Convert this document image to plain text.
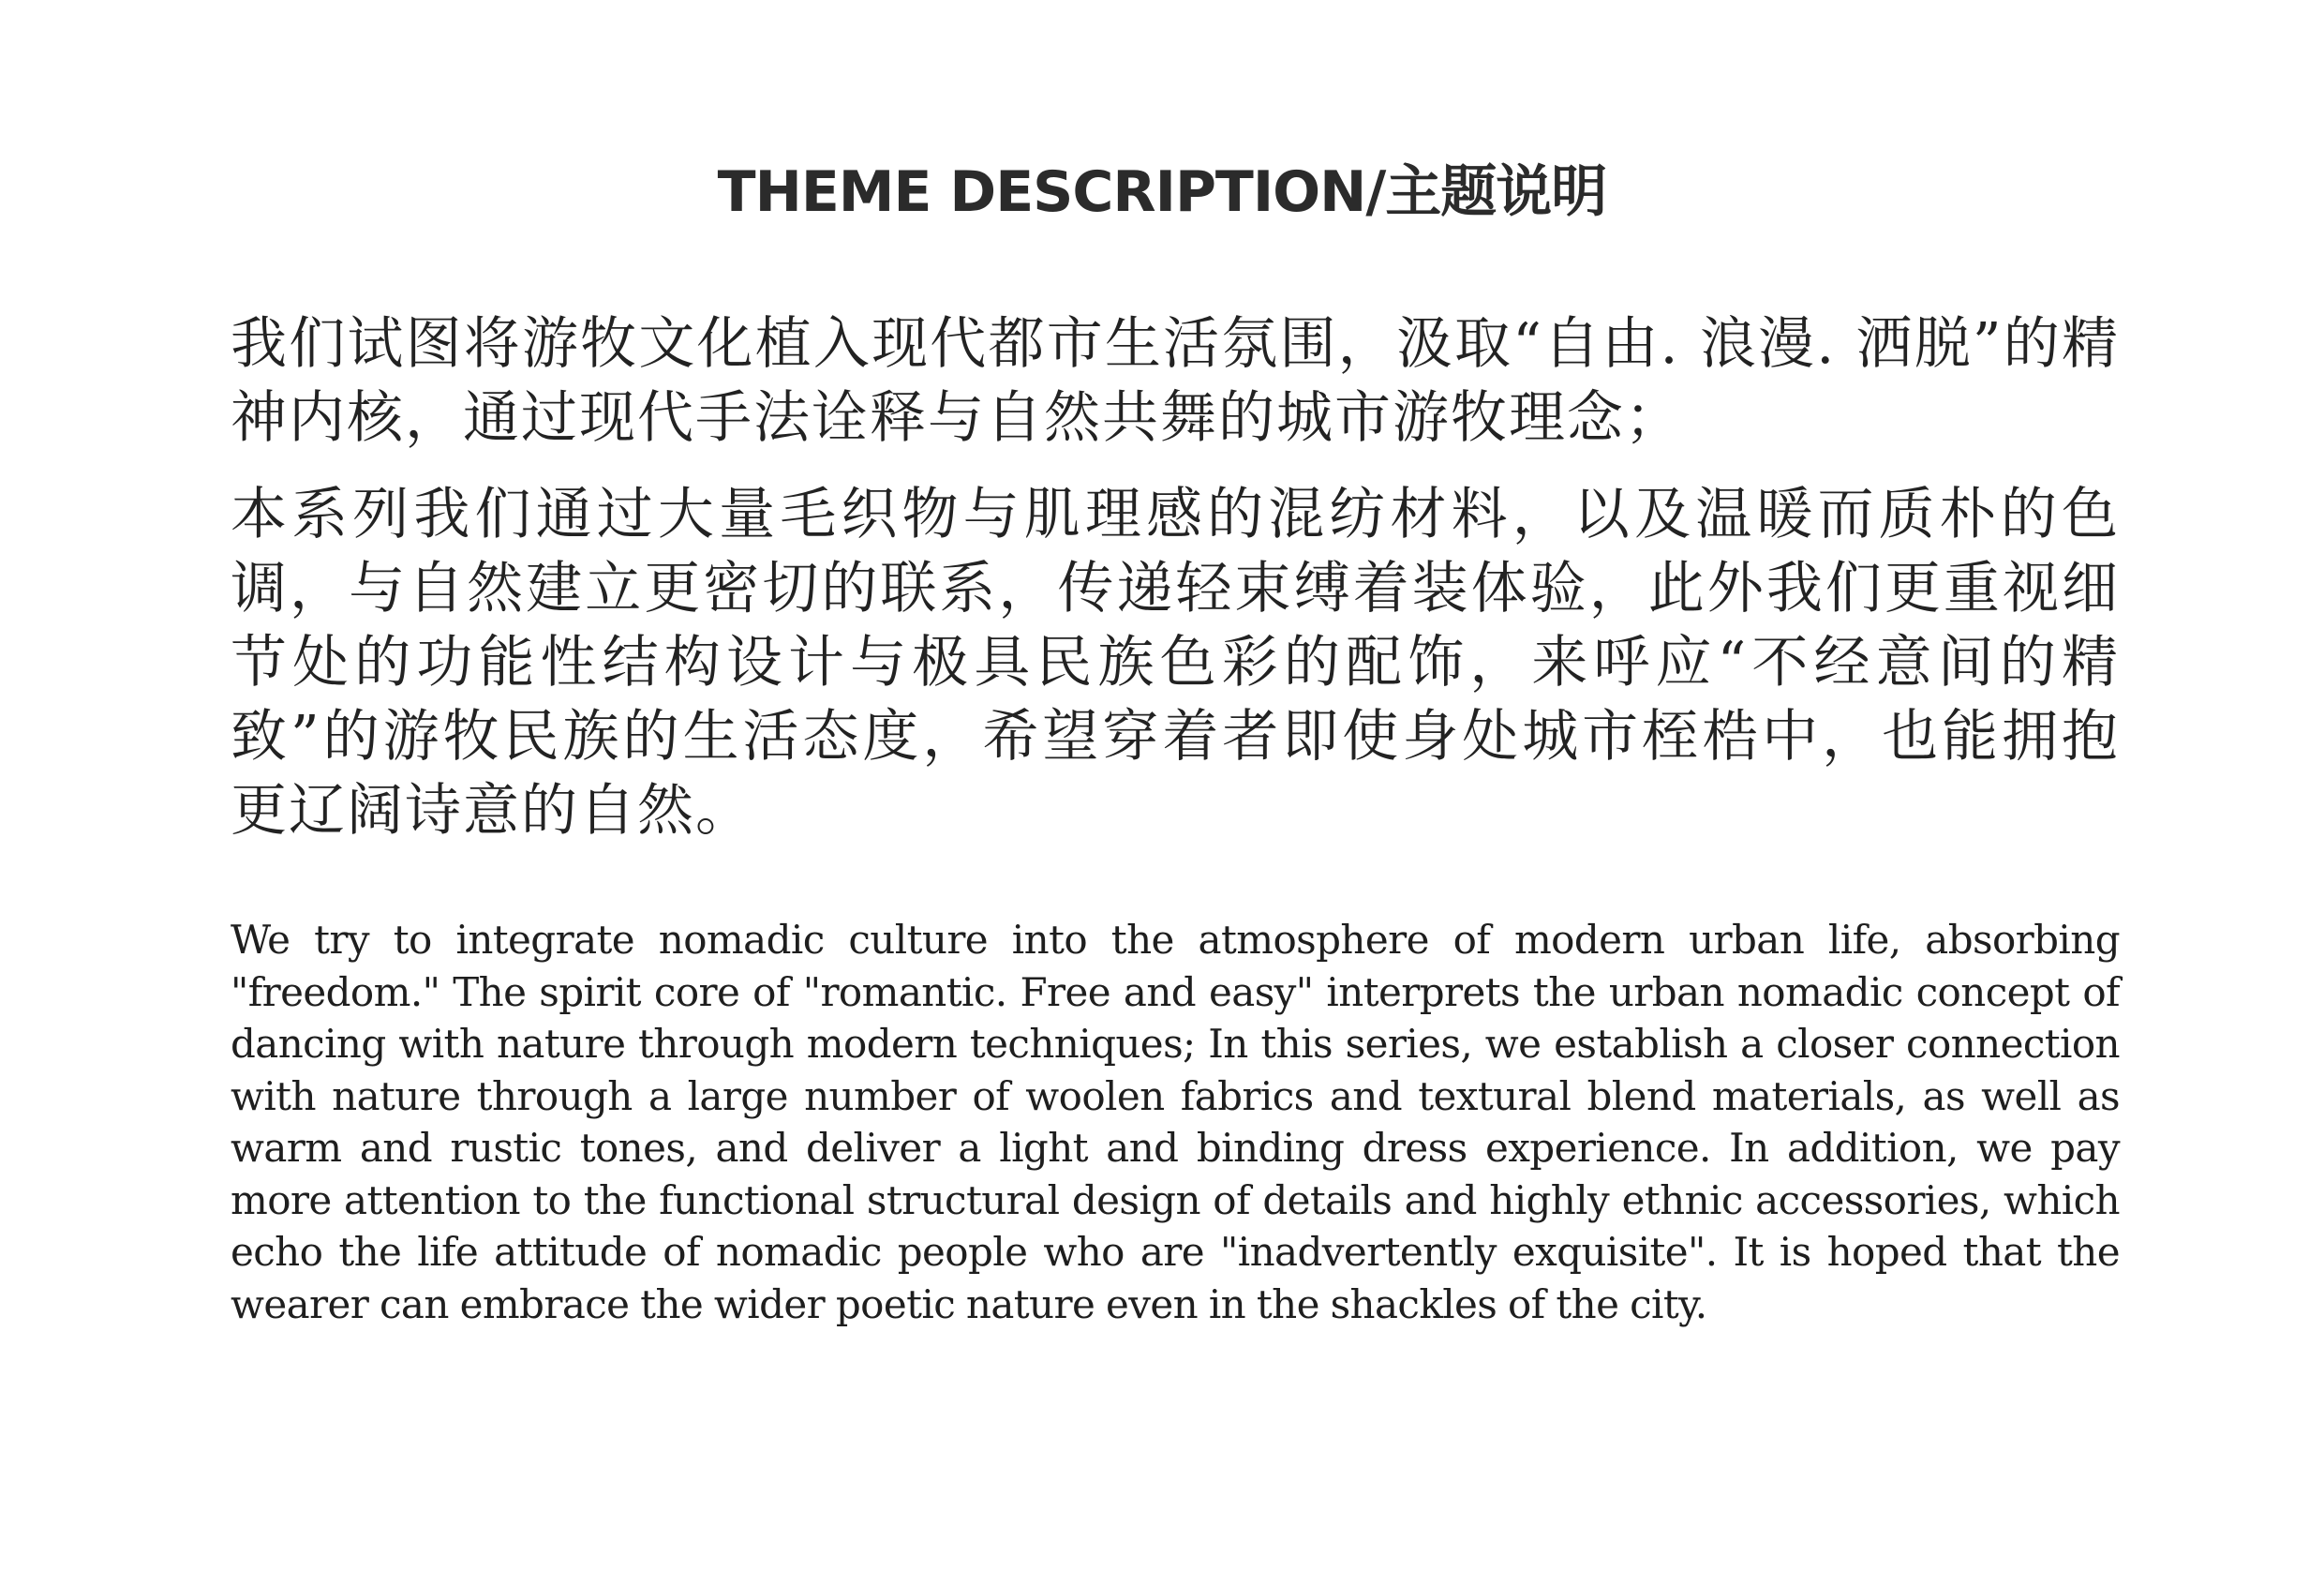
THEME DESCRIPTION/主题说明
我们试图将游牧文化植入现代都市生活氛围，汲取“自由. 浪漫. 洒脱”的精神内核，通过现代手法诠释与自然共舞的城市游牧理念；
本系列我们通过大量毛织物与肌理感的混纺材料，以及温暖而质朴的色调，与自然建立更密切的联系，传递轻束缚着装体验，此外我们更重视细节处的功能性结构设计与极具民族色彩的配饰，来呼应“不经意间的精致”的游牧民族的生活态度，希望穿着者即使身处城市桎梏中，也能拥抱更辽阔诗意的自然。
We try to integrate nomadic culture into the atmosphere of modern urban life, absorbing "freedom." The spirit core of "romantic. Free and easy" interprets the urban nomadic concept of dancing with nature through modern techniques; In this series, we establish a closer connection with nature through a large number of woolen fabrics and textural blend materials, as well as warm and rustic tones, and deliver a light and binding dress experience. In addition, we pay more attention to the functional structural design of details and highly ethnic accessories, which echo the life attitude of nomadic people who are "inadvertently exquisite". It is hoped that the wearer can embrace the wider poetic nature even in the shackles of the city.
